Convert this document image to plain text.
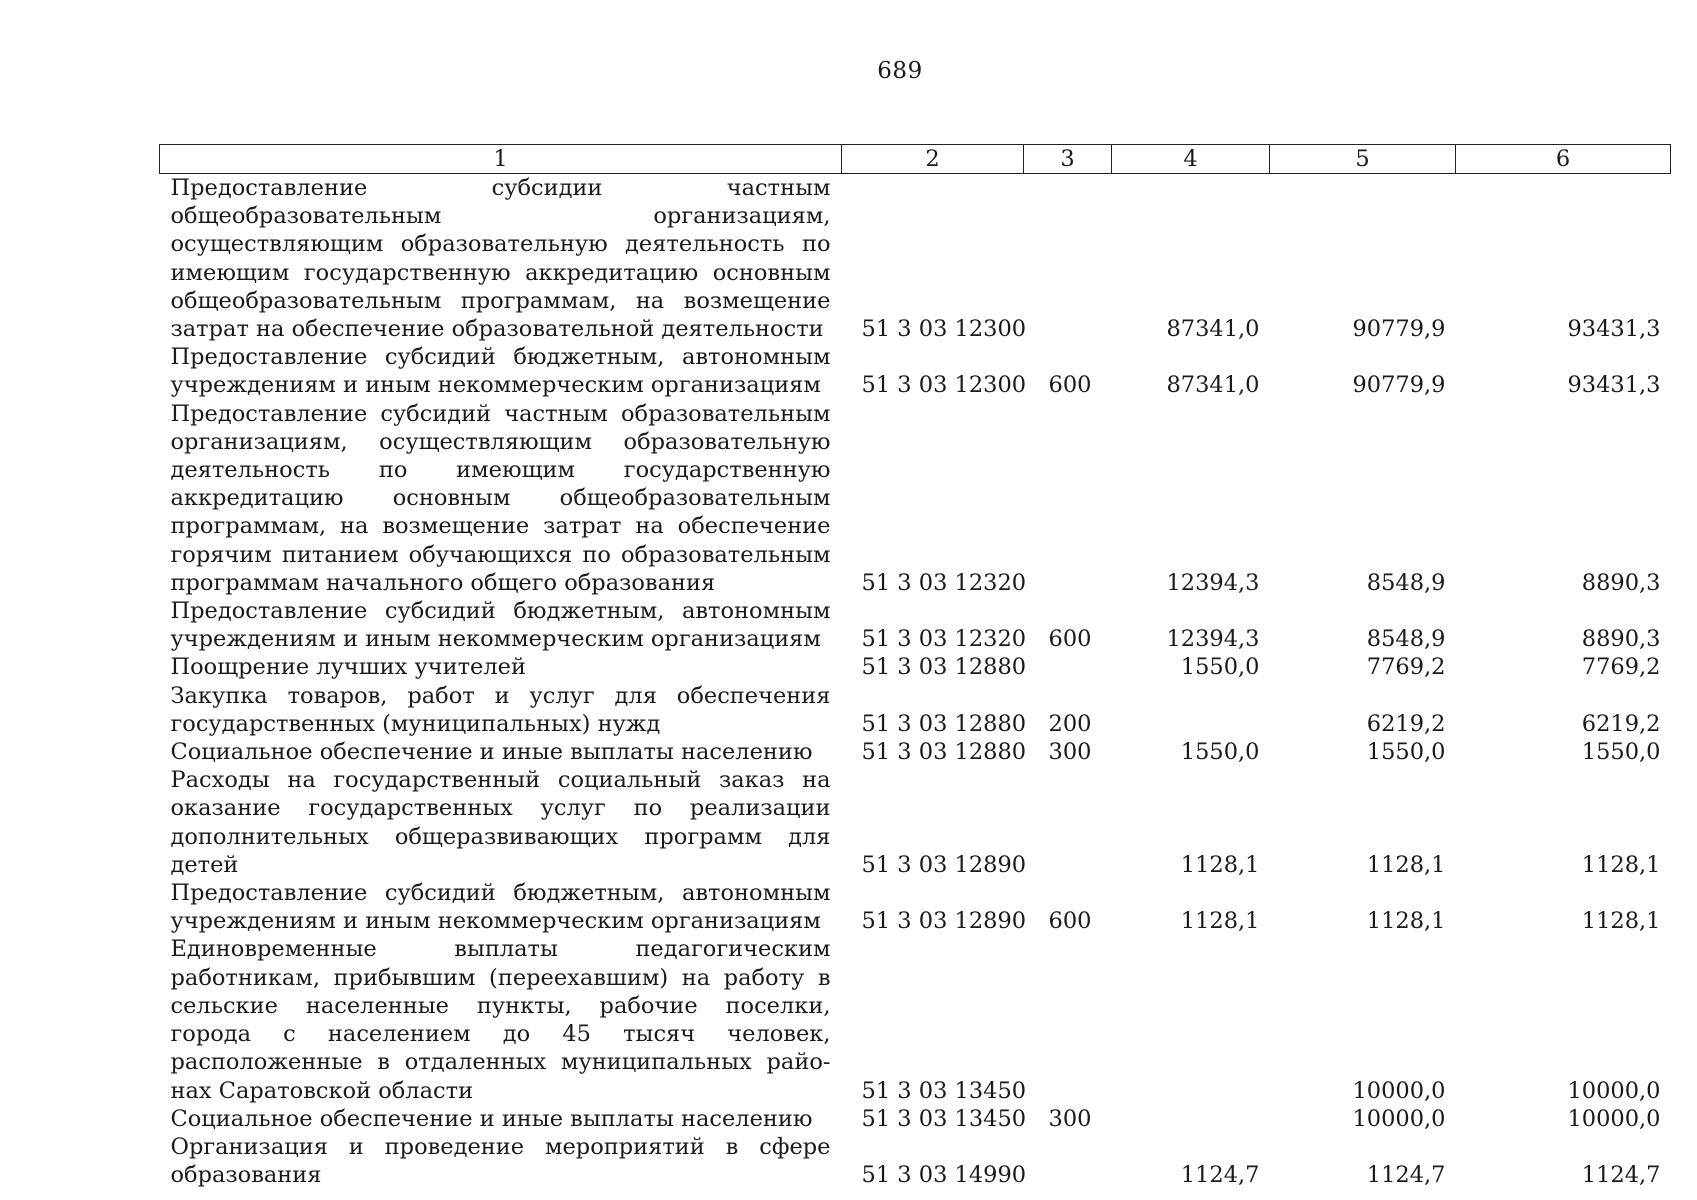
689
1	2	3	4	5	6
Предоставление субсидии частным общеобразовательным организациям, осуществляющим образовательную деятельность по имеющим государственную аккредитацию основным общеобразовательным программам, на возмещение затрат на обеспечение образовательной деятельности	51 3 03 12300		87341,0	90779,9	93431,3
Предоставление субсидий бюджетным, автономным учреждениям и иным некоммерческим организациям	51 3 03 12300	600	87341,0	90779,9	93431,3
Предоставление субсидий частным образовательным организациям, осуществляющим образовательную деятельность по имеющим государственную аккредитацию основным общеобразовательным программам, на возмещение затрат на обеспечение горячим питанием обучающихся по образовательным программам начального общего образования	51 3 03 12320		12394,3	8548,9	8890,3
Предоставление субсидий бюджетным, автономным учреждениям и иным некоммерческим организациям	51 3 03 12320	600	12394,3	8548,9	8890,3
Поощрение лучших учителей	51 3 03 12880		1550,0	7769,2	7769,2
Закупка товаров, работ и услуг для обеспечения государственных (муниципальных) нужд	51 3 03 12880	200		6219,2	6219,2
Социальное обеспечение и иные выплаты населению	51 3 03 12880	300	1550,0	1550,0	1550,0
Расходы на государственный социальный заказ на оказание государственных услуг по реализации дополнительных общеразвивающих программ для детей	51 3 03 12890		1128,1	1128,1	1128,1
Предоставление субсидий бюджетным, автономным учреждениям и иным некоммерческим организациям	51 3 03 12890	600	1128,1	1128,1	1128,1
Единовременные выплаты педагогическим работникам, прибывшим (переехавшим) на работу в сельские населенные пункты, рабочие поселки, города с населением до 45 тысяч человек, расположенные в отдаленных муниципальных районах Саратовской области	51 3 03 13450			10000,0	10000,0
Социальное обеспечение и иные выплаты населению	51 3 03 13450	300		10000,0	10000,0
Организация и проведение мероприятий в сфере образования	51 3 03 14990		1124,7	1124,7	1124,7
